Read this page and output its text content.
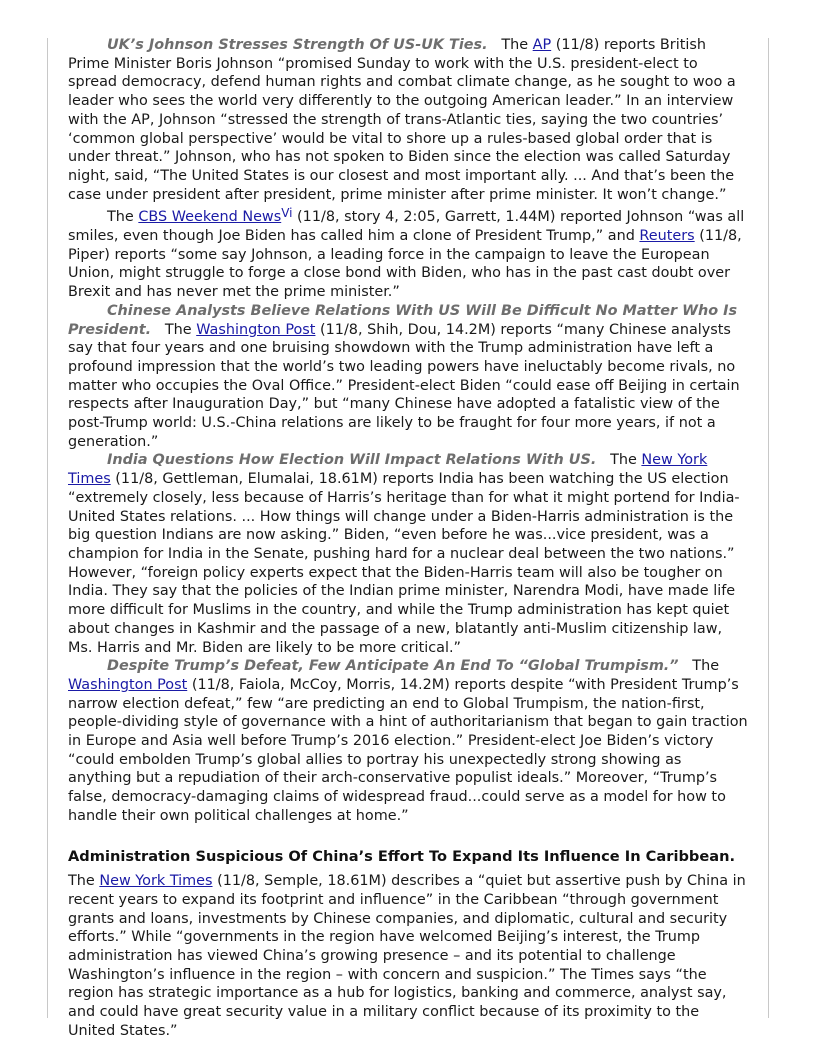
UK’s Johnson Stresses Strength Of US-UK Ties.   The AP (11/8) reports British Prime Minister Boris Johnson “promised Sunday to work with the U.S. president-elect to spread democracy, defend human rights and combat climate change, as he sought to woo a leader who sees the world very differently to the outgoing American leader.” In an interview with the AP, Johnson “stressed the strength of trans-Atlantic ties, saying the two countries’ ‘common global perspective’ would be vital to shore up a rules-based global order that is under threat.” Johnson, who has not spoken to Biden since the election was called Saturday night, said, “The United States is our closest and most important ally. ... And that’s been the case under president after president, prime minister after prime minister. It won’t change.”

The CBS Weekend News$^{Vi}$ (11/8, story 4, 2:05, Garrett, 1.44M) reported Johnson “was all smiles, even though Joe Biden has called him a clone of President Trump,” and Reuters (11/8, Piper) reports “some say Johnson, a leading force in the campaign to leave the European Union, might struggle to forge a close bond with Biden, who has in the past cast doubt over Brexit and has never met the prime minister.”

Chinese Analysts Believe Relations With US Will Be Difficult No Matter Who Is President. The Washington Post (11/8, Shih, Dou, 14.2M) reports “many Chinese analysts say that four years and one bruising showdown with the Trump administration have left a profound impression that the world’s two leading powers have ineluctably become rivals, no matter who occupies the Oval Office.” President-elect Biden “could ease off Beijing in certain respects after Inauguration Day,” but “many Chinese have adopted a fatalistic view of the post-Trump world: U.S.-China relations are likely to be fraught for four more years, if not a generation.”

India Questions How Election Will Impact Relations With US. The New York Times (11/8, Gettleman, Elumalai, 18.61M) reports India has been watching the US election “extremely closely, less because of Harris’s heritage than for what it might portend for India-United States relations. ... How things will change under a Biden-Harris administration is the big question Indians are now asking.” Biden, “even before he was...vice president, was a champion for India in the Senate, pushing hard for a nuclear deal between the two nations.” However, “foreign policy experts expect that the Biden-Harris team will also be tougher on India. They say that the policies of the Indian prime minister, Narendra Modi, have made life more difficult for Muslims in the country, and while the Trump administration has kept quiet about changes in Kashmir and the passage of a new, blatantly anti-Muslim citizenship law, Ms. Harris and Mr. Biden are likely to be more critical.”

Despite Trump’s Defeat, Few Anticipate An End To “Global Trumpism.” The Washington Post (11/8, Faiola, McCoy, Morris, 14.2M) reports despite “with President Trump’s narrow election defeat,” few “are predicting an end to Global Trumpism, the nation-first, people-dividing style of governance with a hint of authoritarianism that began to gain traction in Europe and Asia well before Trump’s 2016 election.” President-elect Joe Biden’s victory “could embolden Trump’s global allies to portray his unexpectedly strong showing as anything but a repudiation of their arch-conservative populist ideals.” Moreover, “Trump’s false, democracy-damaging claims of widespread fraud...could serve as a model for how to handle their own political challenges at home.”

Administration Suspicious Of China’s Effort To Expand Its Influence In Caribbean.

The New York Times (11/8, Semple, 18.61M) describes a “quiet but assertive push by China in recent years to expand its footprint and influence” in the Caribbean “through government grants and loans, investments by Chinese companies, and diplomatic, cultural and security efforts.” While “governments in the region have welcomed Beijing’s interest, the Trump administration has viewed China’s growing presence – and its potential to challenge Washington’s influence in the region – with concern and suspicion.” The Times says “the region has strategic importance as a hub for logistics, banking and commerce, analyst say, and could have great security value in a military conflict because of its proximity to the United States.”
